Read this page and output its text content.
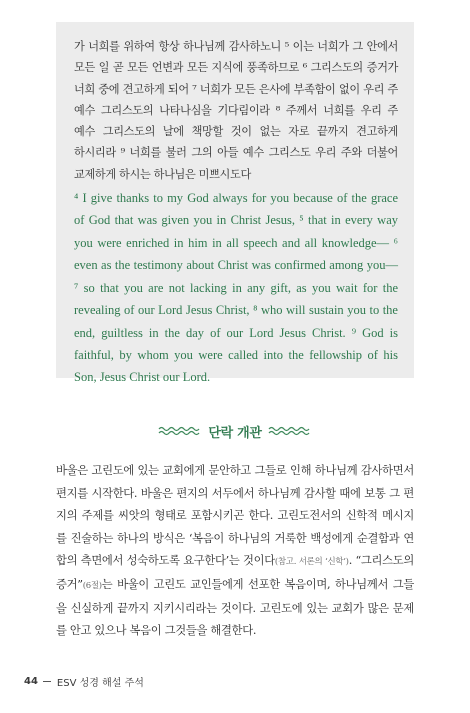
가 너희를 위하여 항상 하나님께 감사하노니 ⁵ 이는 너희가 그 안에서 모든 일 곧 모든 언변과 모든 지식에 풍족하므로 ⁶ 그리스도의 증거가 너희 중에 견고하게 되어 ⁷ 너희가 모든 은사에 부족함이 없이 우리 주 예수 그리스도의 나타나심을 기다림이라 ⁸ 주께서 너희를 우리 주 예수 그리스도의 날에 책망할 것이 없는 자로 끝까지 견고하게 하시리라 ⁹ 너희를 불러 그의 아들 예수 그리스도 우리 주와 더불어 교제하게 하시는 하나님은 미쁘시도다

⁴ I give thanks to my God always for you because of the grace of God that was given you in Christ Jesus, ⁵ that in every way you were enriched in him in all speech and all knowledge— ⁶ even as the testimony about Christ was confirmed among you— ⁷ so that you are not lacking in any gift, as you wait for the revealing of our Lord Jesus Christ, ⁸ who will sustain you to the end, guiltless in the day of our Lord Jesus Christ. ⁹ God is faithful, by whom you were called into the fellowship of his Son, Jesus Christ our Lord.

단락 개관

바울은 고린도에 있는 교회에게 문안하고 그들로 인해 하나님께 감사하면서 편지를 시작한다. 바울은 편지의 서두에서 하나님께 감사할 때에 보통 그 편지의 주제를 씨앗의 형태로 포함시키곤 한다. 고린도전서의 신학적 메시지를 진술하는 하나의 방식은 ‘복음이 하나님의 거룩한 백성에게 순결함과 연합의 측면에서 성숙하도록 요구한다’는 것이다(참고. 서론의 ‘신학’). “그리스도의 증거”(6절)는 바울이 고린도 교인들에게 선포한 복음이며, 하나님께서 그들을 신실하게 끝까지 지키시리라는 것이다. 고린도에 있는 교회가 많은 문제를 안고 있으나 복음이 그것들을 해결한다.

44 ESV 성경 해설 주석
